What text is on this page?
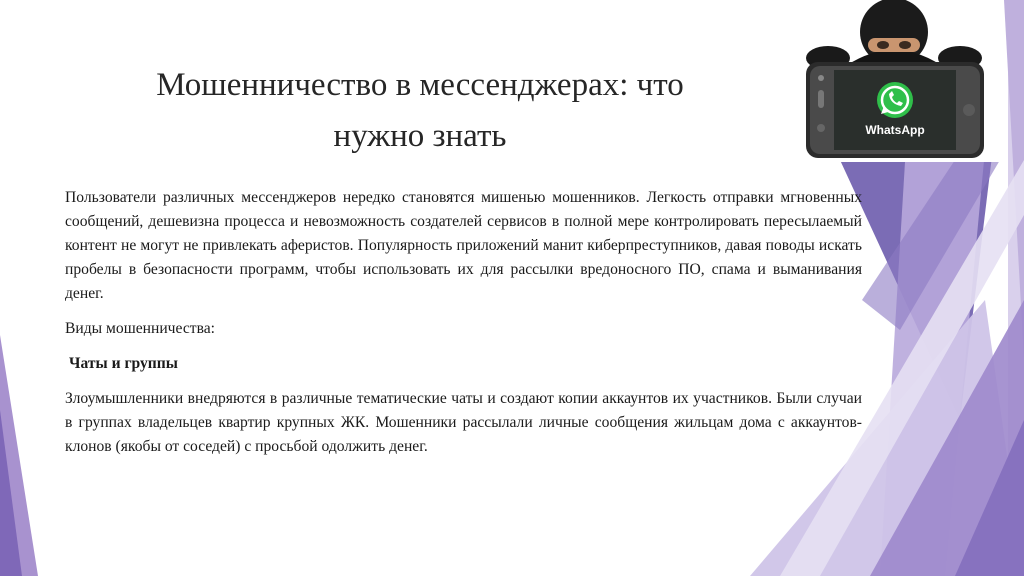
Мошенничество в мессенджерах: что
нужно знать

Пользователи различных мессенджеров нередко становятся мишенью мошенников. Легкость отправки мгновенных сообщений, дешевизна процесса и невозможность создателей сервисов в полной мере контролировать пересылаемый контент не могут не привлекать аферистов. Популярность приложений манит киберпреступников, давая поводы искать пробелы в безопасности программ, чтобы использовать их для рассылки вредоносного ПО, спама и выманивания денег.

Виды мошенничества:

Чаты и группы

Злоумышленники внедряются в различные тематические чаты и создают копии аккаунтов их участников. Были случаи в группах владельцев квартир крупных ЖК. Мошенники рассылали личные сообщения жильцам дома с аккаунтов-клонов (якобы от соседей) с просьбой одолжить денег.

WhatsApp
